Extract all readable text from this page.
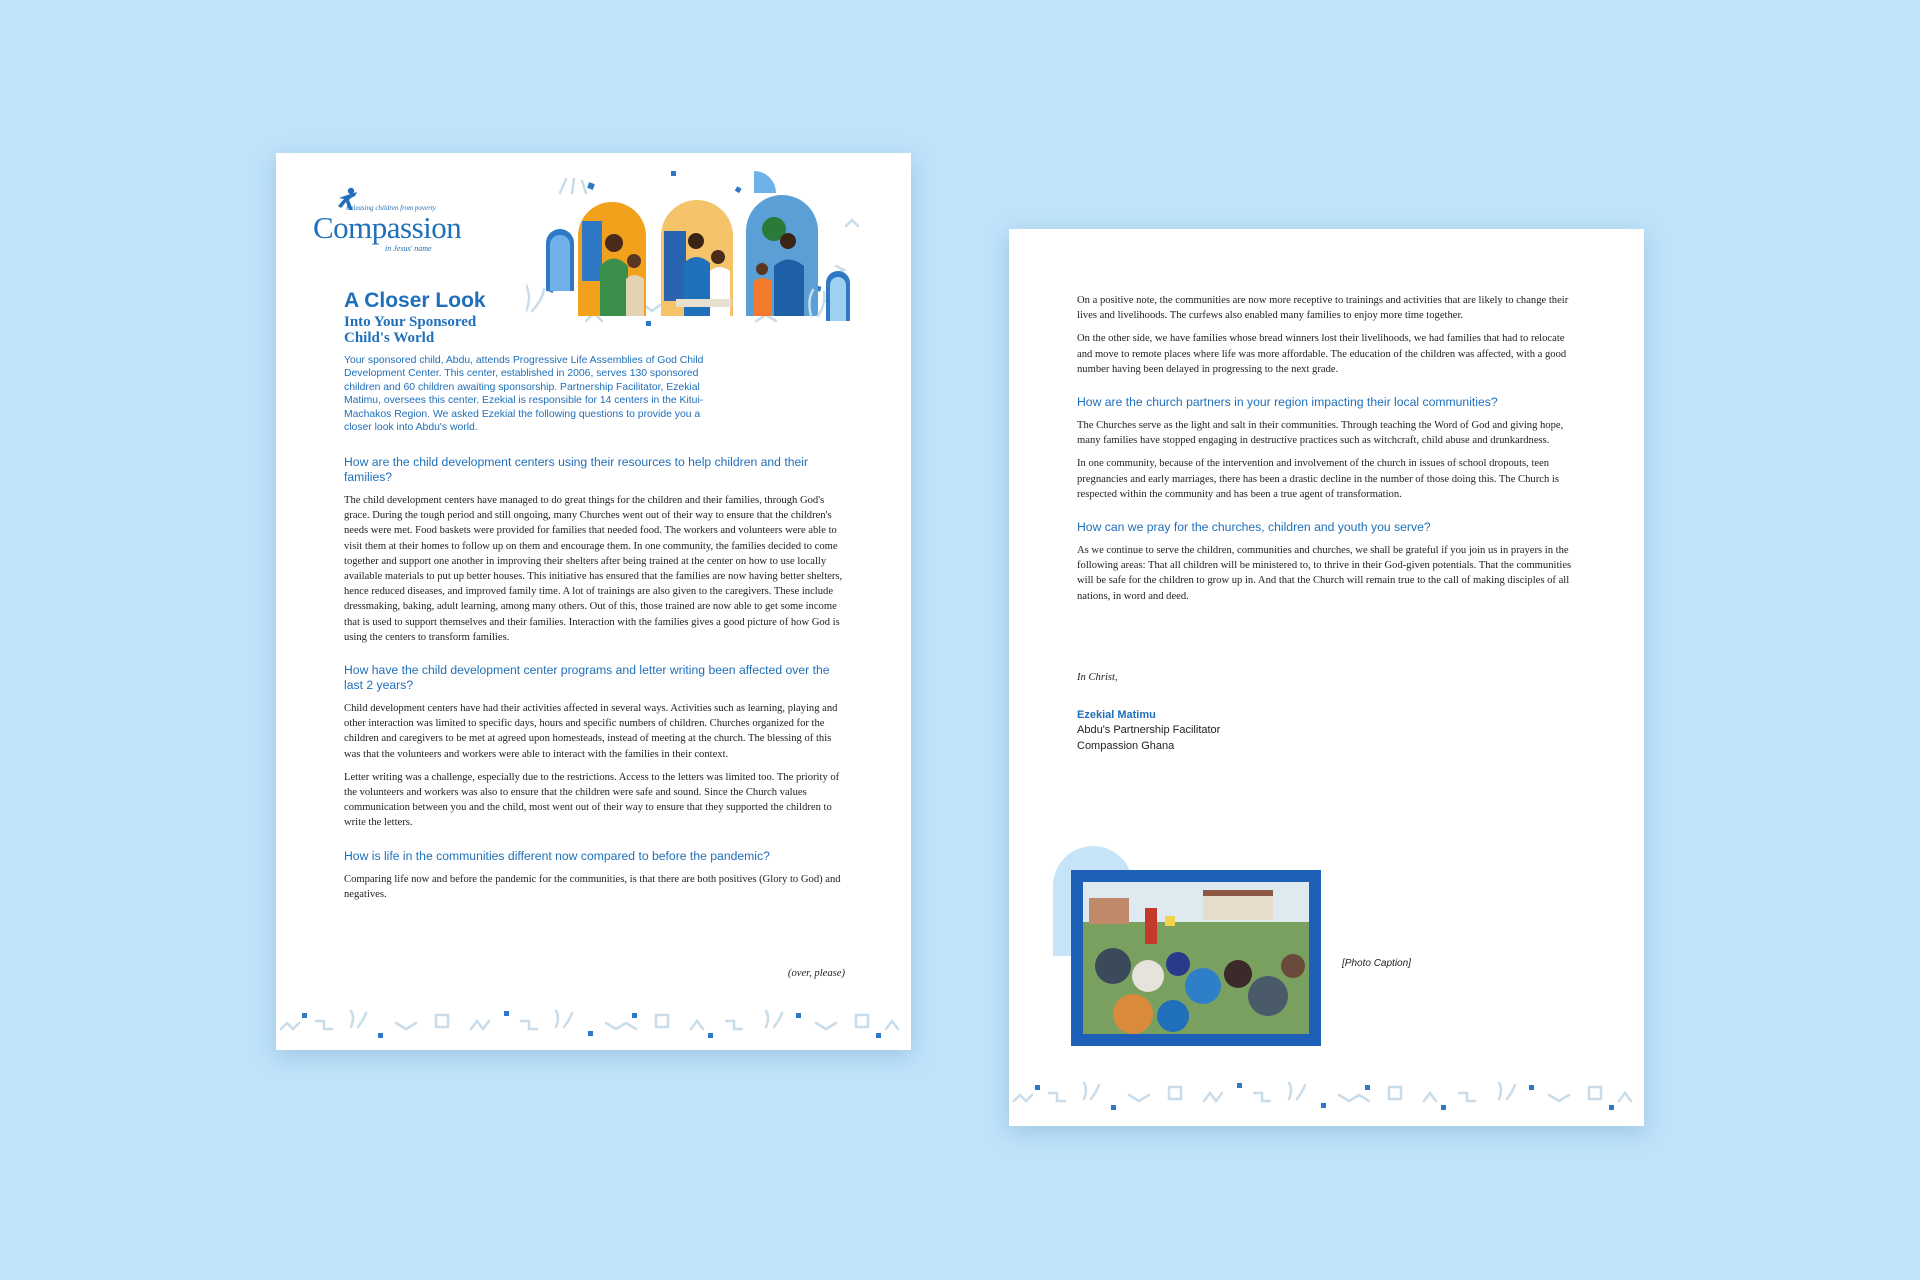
Releasing children from poverty
Compassion
in Jesus' name

A Closer Look

Into Your Sponsored

Child's World

Your sponsored child, Abdu, attends Progressive Life Assemblies of God Child Development Center. This center, established in 2006, serves 130 sponsored children and 60 children awaiting sponsorship. Partnership Facilitator, Ezekial Matimu, oversees this center. Ezekial is responsible for 14 centers in the Kitui-Machakos Region. We asked Ezekial the following questions to provide you a closer look into Abdu's world.

How are the child development centers using their resources to help children and their families?

The child development centers have managed to do great things for the children and their families, through God's grace. During the tough period and still ongoing, many Churches went out of their way to ensure that the children's needs were met. Food baskets were provided for families that needed food. The workers and volunteers were able to visit them at their homes to follow up on them and encourage them. In one community, the families decided to come together and support one another in improving their shelters after being trained at the center on how to use locally available materials to put up better houses. This initiative has ensured that the families are now having better shelters, hence reduced diseases, and improved family time. A lot of trainings are also given to the caregivers. These include dressmaking, baking, adult learning, among many others. Out of this, those trained are now able to get some income that is used to support themselves and their families. Interaction with the families gives a good picture of how God is using the centers to transform families.

How have the child development center programs and letter writing been affected over the last 2 years?

Child development centers have had their activities affected in several ways. Activities such as learning, playing and other interaction was limited to specific days, hours and specific numbers of children. Churches organized for the children and caregivers to be met at agreed upon homesteads, instead of meeting at the church. The blessing of this was that the volunteers and workers were able to interact with the families in their context.

Letter writing was a challenge, especially due to the restrictions. Access to the letters was limited too. The priority of the volunteers and workers was also to ensure that the children were safe and sound. Since the Church values communication between you and the child, most went out of their way to ensure that they supported the children to write the letters.

How is life in the communities different now compared to before the pandemic?

Comparing life now and before the pandemic for the communities, is that there are both positives (Glory to God) and negatives.

(over, please)

On a positive note, the communities are now more receptive to trainings and activities that are likely to change their lives and livelihoods. The curfews also enabled many families to enjoy more time together.

On the other side, we have families whose bread winners lost their livelihoods, we had families that had to relocate and move to remote places where life was more affordable. The education of the children was affected, with a good number having been delayed in progressing to the next grade.

How are the church partners in your region impacting their local communities?

The Churches serve as the light and salt in their communities. Through teaching the Word of God and giving hope, many families have stopped engaging in destructive practices such as witchcraft, child abuse and drunkardness.

In one community, because of the intervention and involvement of the church in issues of school dropouts, teen pregnancies and early marriages, there has been a drastic decline in the number of those doing this. The Church is respected within the community and has been a true agent of transformation.

How can we pray for the churches, children and youth you serve?

As we continue to serve the children, communities and churches, we shall be grateful if you join us in prayers in the following areas: That all children will be ministered to, to thrive in their God-given potentials. That the communities will be safe for the children to grow up in. And that the Church will remain true to the call of making disciples of all nations, in word and deed.

In Christ,

Ezekial Matimu

Abdu's Partnership Facilitator

Compassion Ghana

[Photo Caption]
